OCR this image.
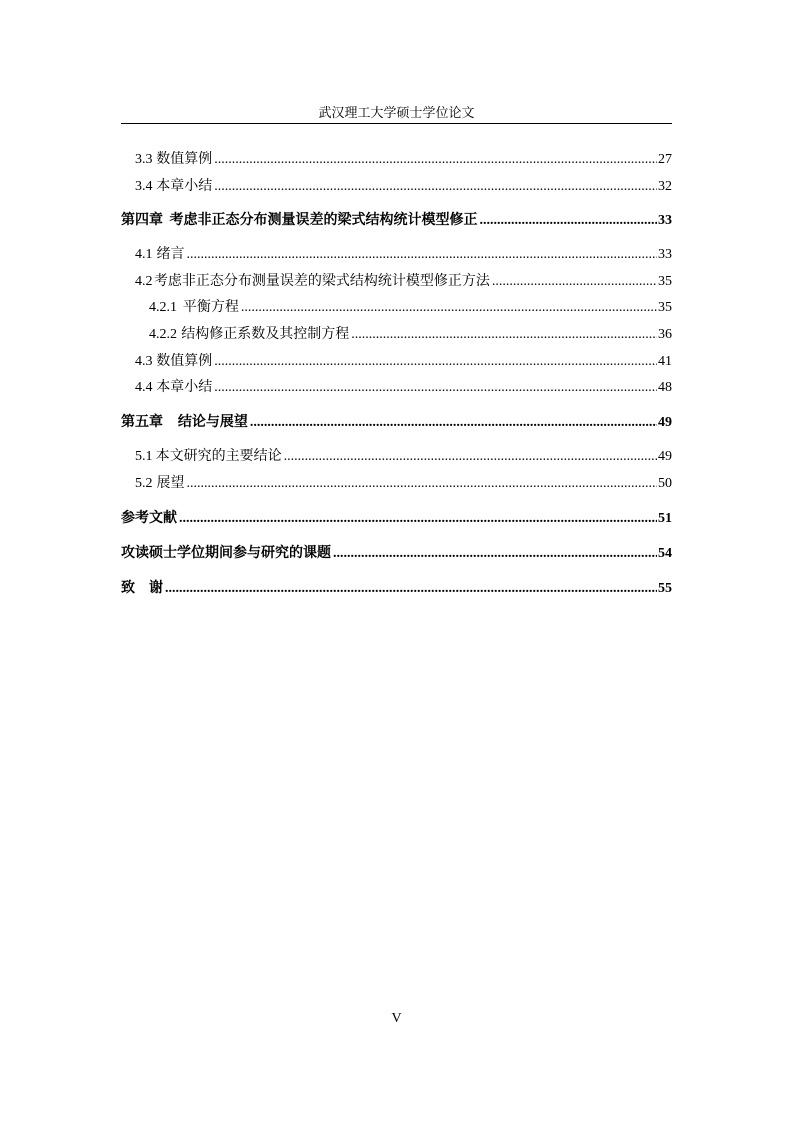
武汉理工大学硕士学位论文
3.3 数值算例 .....	27
3.4 本章小结 .....	32
第四章 考虑非正态分布测量误差的梁式结构统计模型修正 .....	33
4.1 绪言 .....	33
4.2 考虑非正态分布测量误差的梁式结构统计模型修正方法 .....	35
4.2.1 平衡方程 .....	35
4.2.2 结构修正系数及其控制方程 .....	36
4.3 数值算例 .....	41
4.4 本章小结 .....	48
第五章 结论与展望 .....	49
5.1 本文研究的主要结论 .....	49
5.2 展望 .....	50
参考文献 .....	51
攻读硕士学位期间参与研究的课题 .....	54
致　谢 .....	55
V
